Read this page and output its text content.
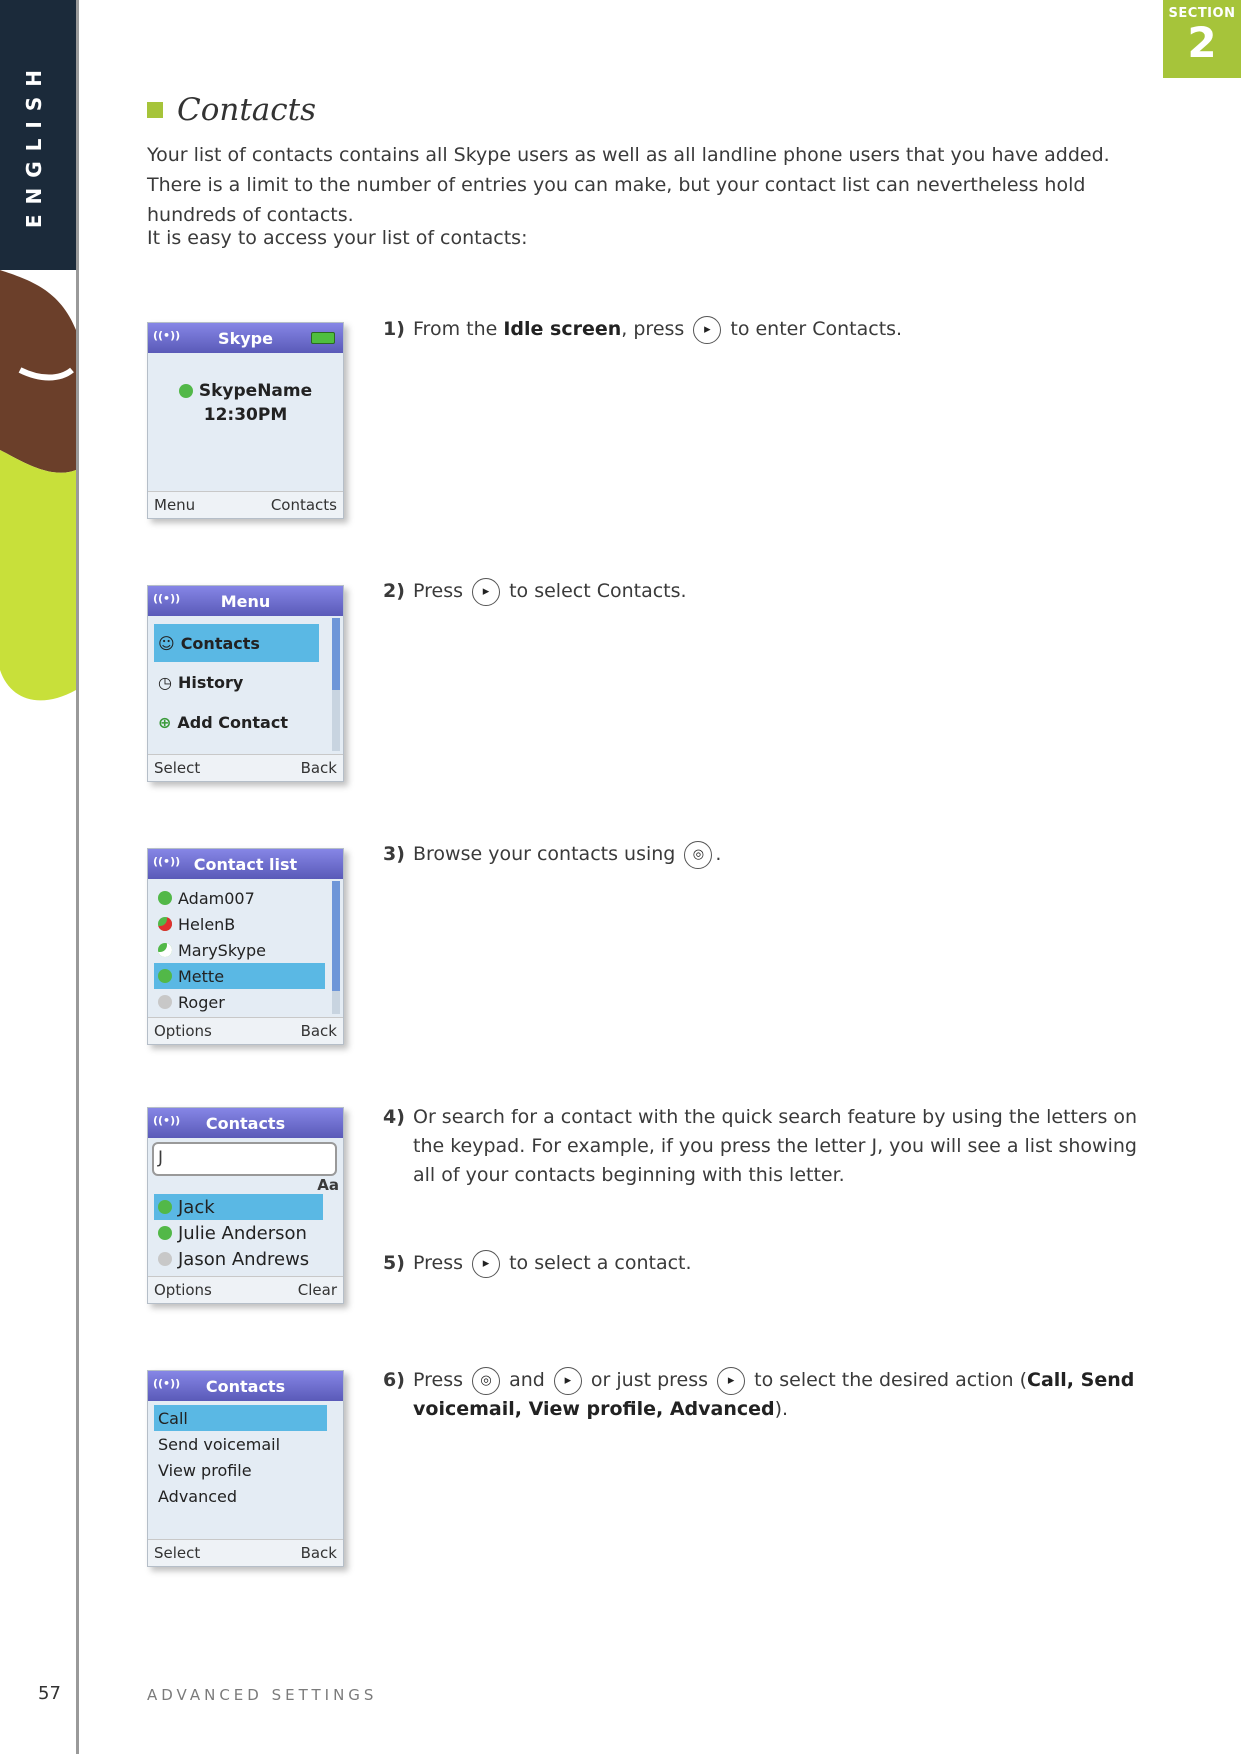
ENGLISH
SECTION
2
Contacts

Your list of contacts contains all Skype users as well as all landline phone users that you have added. There is a limit to the number of entries you can make, but your contact list can nevertheless hold hundreds of contacts.

It is easy to access your list of contacts:

((•))	Skype
SkypeName
12:30PM
Menu	Contacts
((•))	Menu
☺ Contacts
◷ History
⊕ Add Contact
Select	Back
((•)) Contact list
Adam007
HelenB
MarySkype
Mette
Roger
Options	Back
((•))	Contacts
J
Aa
Jack
Julie Anderson
Jason Andrews
Options	Clear
((•))	Contacts
Call
Send voicemail
View profile
Advanced
Select	Back
1) From the Idle screen, press ▸ to enter Contacts.
2) Press ▸ to select Contacts.
3) Browse your contacts using ◎ .
4) Or search for a contact with the quick search feature by using the letters on the keypad. For example, if you press the letter J, you will see a list showing all of your contacts beginning with this letter.
5) Press ▸ to select a contact.
6) Press ◎ and ▸ or just press ▸ to select the desired action (Call, Send voicemail, View profile, Advanced).
57	ADVANCED SETTINGS
